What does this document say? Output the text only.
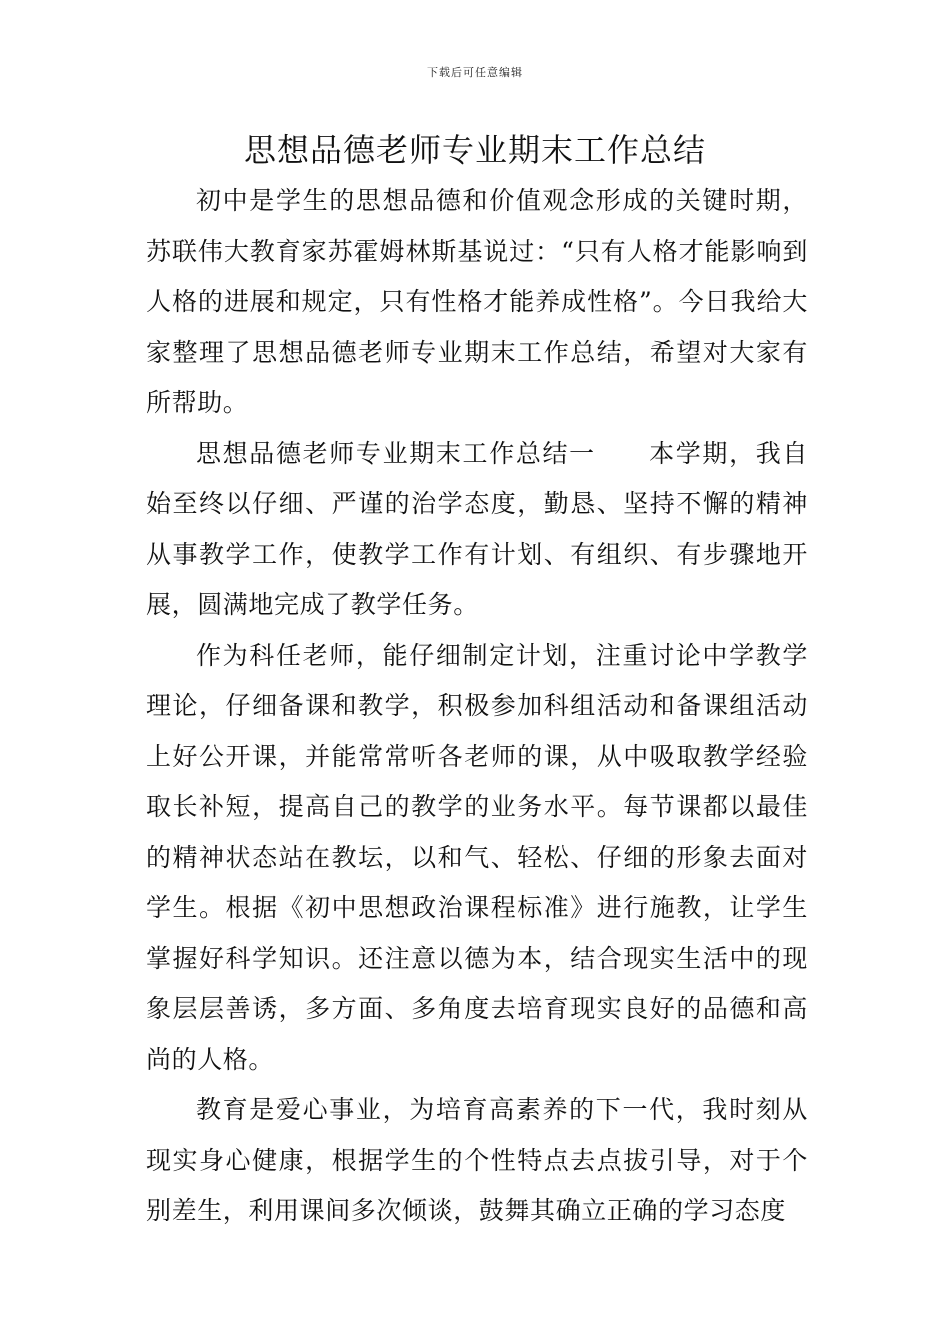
下载后可任意编辑
思想品德老师专业期末工作总结

初中是学生的思想品德和价值观念形成的关键时期，苏联伟大教育家苏霍姆林斯基说过：“只有人格才能影响到人格的进展和规定，只有性格才能养成性格”。今日我给大家整理了思想品德老师专业期末工作总结，希望对大家有所帮助。

思想品德老师专业期末工作总结一　　本学期，我自始至终以仔细、严谨的治学态度，勤恳、坚持不懈的精神从事教学工作，使教学工作有计划、有组织、有步骤地开展，圆满地完成了教学任务。

作为科任老师，能仔细制定计划，注重讨论中学教学理论，仔细备课和教学，积极参加科组活动和备课组活动上好公开课，并能常常听各老师的课，从中吸取教学经验取长补短，提高自己的教学的业务水平。每节课都以最佳的精神状态站在教坛，以和气、轻松、仔细的形象去面对学生。根据《初中思想政治课程标准》进行施教，让学生掌握好科学知识。还注意以德为本，结合现实生活中的现象层层善诱，多方面、多角度去培育现实良好的品德和高尚的人格。

教育是爱心事业，为培育高素养的下一代，我时刻从现实身心健康，根据学生的个性特点去点拔引导，对于个别差生，利用课间多次倾谈，鼓舞其确立正确的学习态度
